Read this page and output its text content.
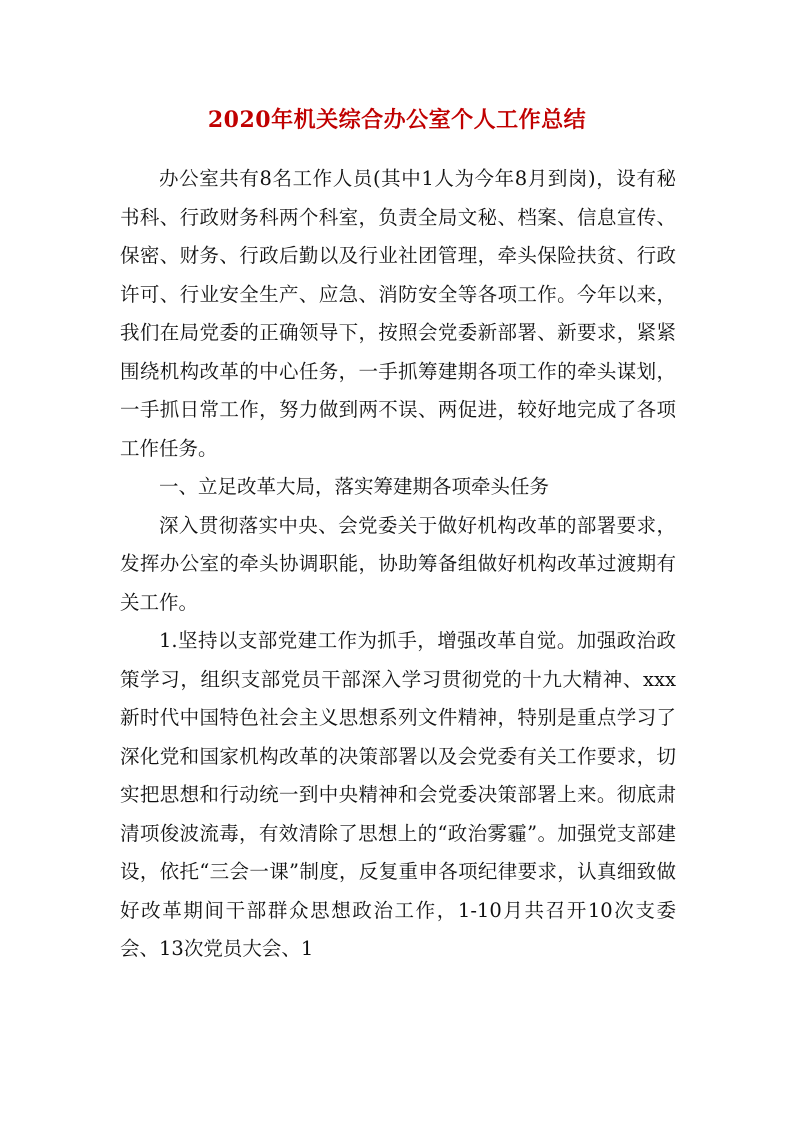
2020年机关综合办公室个人工作总结

办公室共有8名工作人员(其中1人为今年8月到岗)，设有秘书科、行政财务科两个科室，负责全局文秘、档案、信息宣传、保密、财务、行政后勤以及行业社团管理，牵头保险扶贫、行政许可、行业安全生产、应急、消防安全等各项工作。今年以来，我们在局党委的正确领导下，按照会党委新部署、新要求，紧紧围绕机构改革的中心任务，一手抓筹建期各项工作的牵头谋划，一手抓日常工作，努力做到两不误、两促进，较好地完成了各项工作任务。

一、立足改革大局，落实筹建期各项牵头任务

深入贯彻落实中央、会党委关于做好机构改革的部署要求，发挥办公室的牵头协调职能，协助筹备组做好机构改革过渡期有关工作。

1.坚持以支部党建工作为抓手，增强改革自觉。加强政治政策学习，组织支部党员干部深入学习贯彻党的十九大精神、xxx新时代中国特色社会主义思想系列文件精神，特别是重点学习了深化党和国家机构改革的决策部署以及会党委有关工作要求，切实把思想和行动统一到中央精神和会党委决策部署上来。彻底肃清项俊波流毒，有效清除了思想上的“政治雾霾”。加强党支部建设，依托“三会一课”制度，反复重申各项纪律要求，认真细致做好改革期间干部群众思想政治工作，1-10月共召开10次支委会、13次党员大会、1
